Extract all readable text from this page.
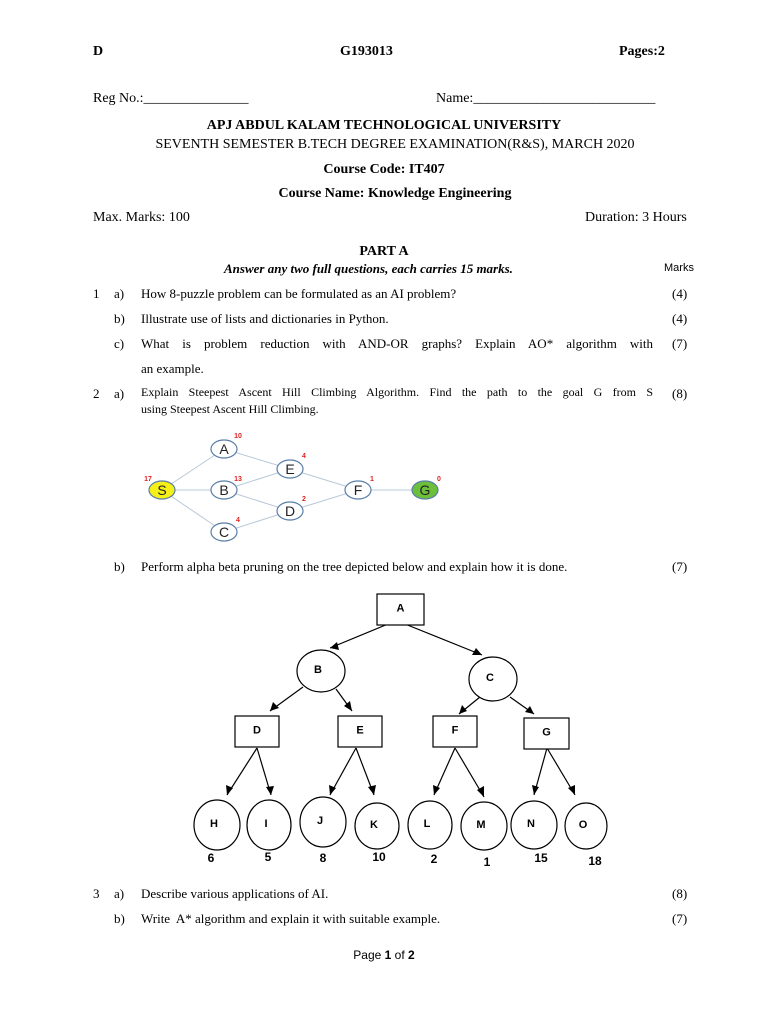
D	G193013	Pages:2
Reg No.:_______________	Name:__________________________
APJ ABDUL KALAM TECHNOLOGICAL UNIVERSITY
SEVENTH SEMESTER B.TECH DEGREE EXAMINATION(R&S), MARCH 2020
Course Code: IT407
Course Name: Knowledge Engineering
Max. Marks: 100	Duration: 3 Hours
PART A
Answer any two full questions, each carries 15 marks.	Marks
1 a) How 8-puzzle problem can be formulated as an AI problem?	(4)
b) Illustrate use of lists and dictionaries in Python.	(4)
c) What is problem reduction with AND-OR graphs? Explain AO* algorithm with
an example.
(7)
2 a) Explain Steepest Ascent Hill Climbing Algorithm. Find the path to the goal G from S
using Steepest Ascent Hill Climbing.
(8)
S
17
A
10
B
13
C
4
E
4
D
2
F
1
G
0
A
B
C
D	E	F	G
H	I	J	K	L	M	N	O
6	5	8	10	2	1	15	18
b) Perform alpha beta pruning on the tree depicted below and explain how it is done.	(7)
3 a) Describe various applications of AI.	(8)
b) Write  A* algorithm and explain it with suitable example.	(7)
Page 1 of 2
